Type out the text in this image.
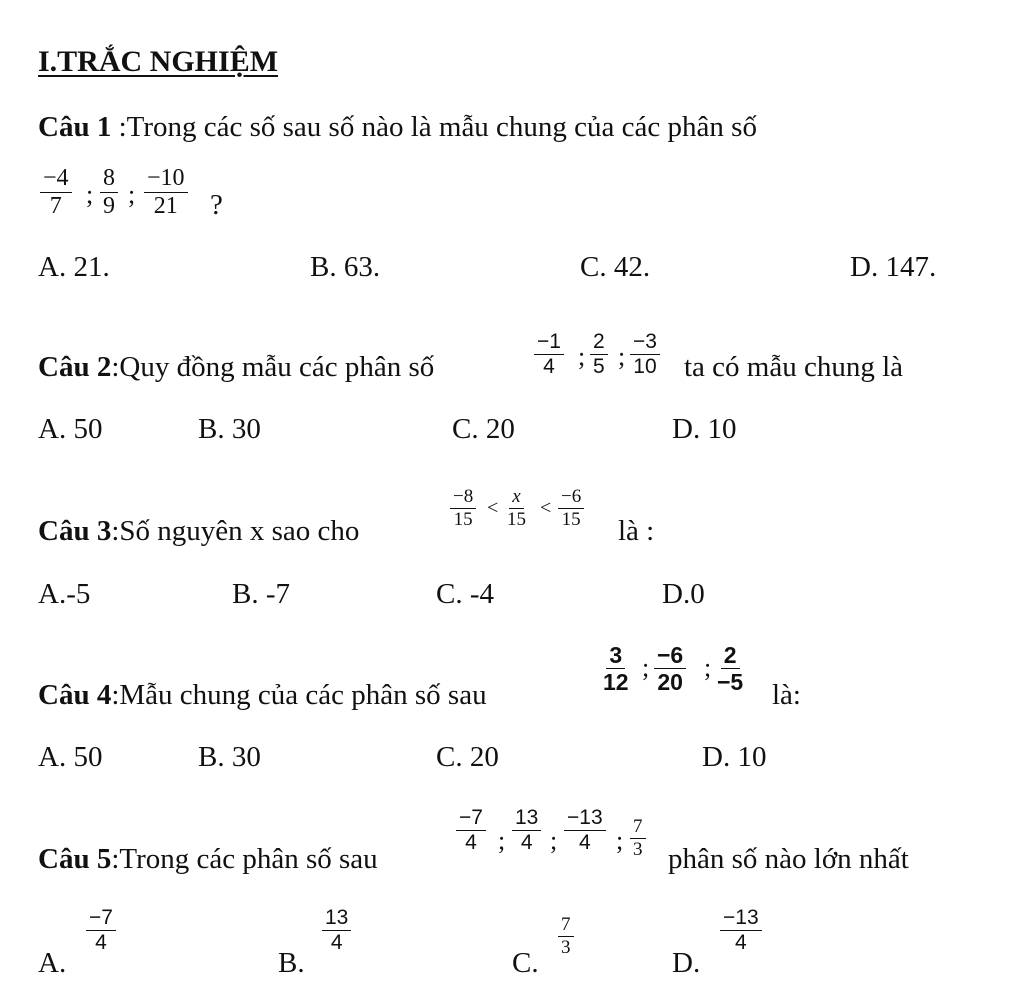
I.TRẮC NGHIỆM
Câu 1 :Trong các số sau số nào là mẫu chung của các phân số
$\frac{-4}{7}$ ; $\frac{8}{9}$ ; $\frac{-10}{21}$ ?
A. 21.	B. 63.	C. 42.	D. 147.
Câu 2:Quy đồng mẫu các phân số	$\frac{-1}{4}$ ; $\frac{2}{5}$ ; $\frac{-3}{10}$ ta có mẫu chung là
A. 50	B. 30	C. 20	D. 10
Câu 3:Số nguyên x sao cho	$\frac{-8}{15} < \frac{x}{15} < \frac{-6}{15}$ là :
A.-5	B. -7	C. -4	D.0
Câu 4:Mẫu chung của các phân số sau	$\frac{3}{12}$ ; $\frac{-6}{20}$ ; $\frac{2}{-5}$ là:
A. 50	B. 30	C. 20	D. 10
Câu 5:Trong các phân số sau
$\frac{-7}{4}$ ; $\frac{13}{4}$ ; $\frac{-13}{4}$ ; $\frac{7}{3}$ phân số nào lớn nhất
A.
$\frac{-7}{4}$
B.
$\frac{13}{4}$
C.
$\frac{7}{3}$
D.
$\frac{-13}{4}$
